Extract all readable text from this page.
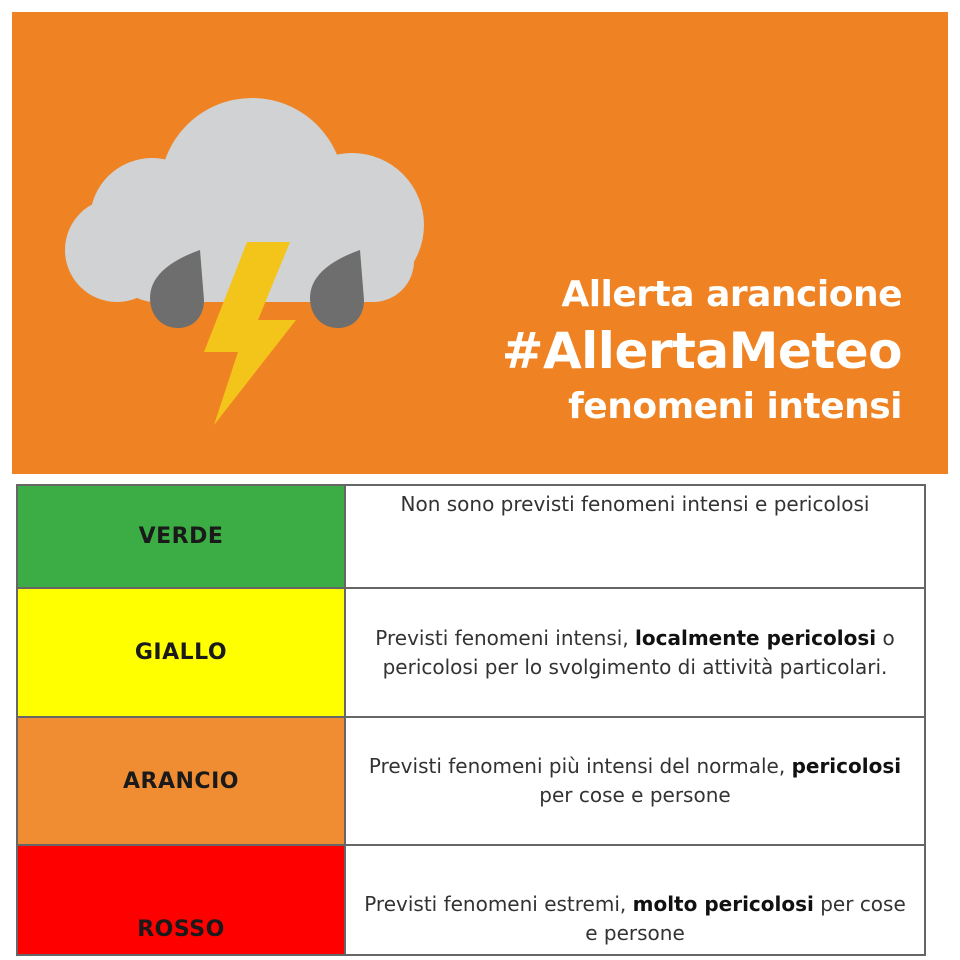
Allerta arancione
#AllertaMeteo
fenomeni intensi
VERDE	Non sono previsti fenomeni intensi e pericolosi
GIALLO	Previsti fenomeni intensi, localmente pericolosi o pericolosi per lo svolgimento di attività particolari.
ARANCIO	Previsti fenomeni più intensi del normale, pericolosi per cose e persone
ROSSO	Previsti fenomeni estremi, molto pericolosi per cose e persone
